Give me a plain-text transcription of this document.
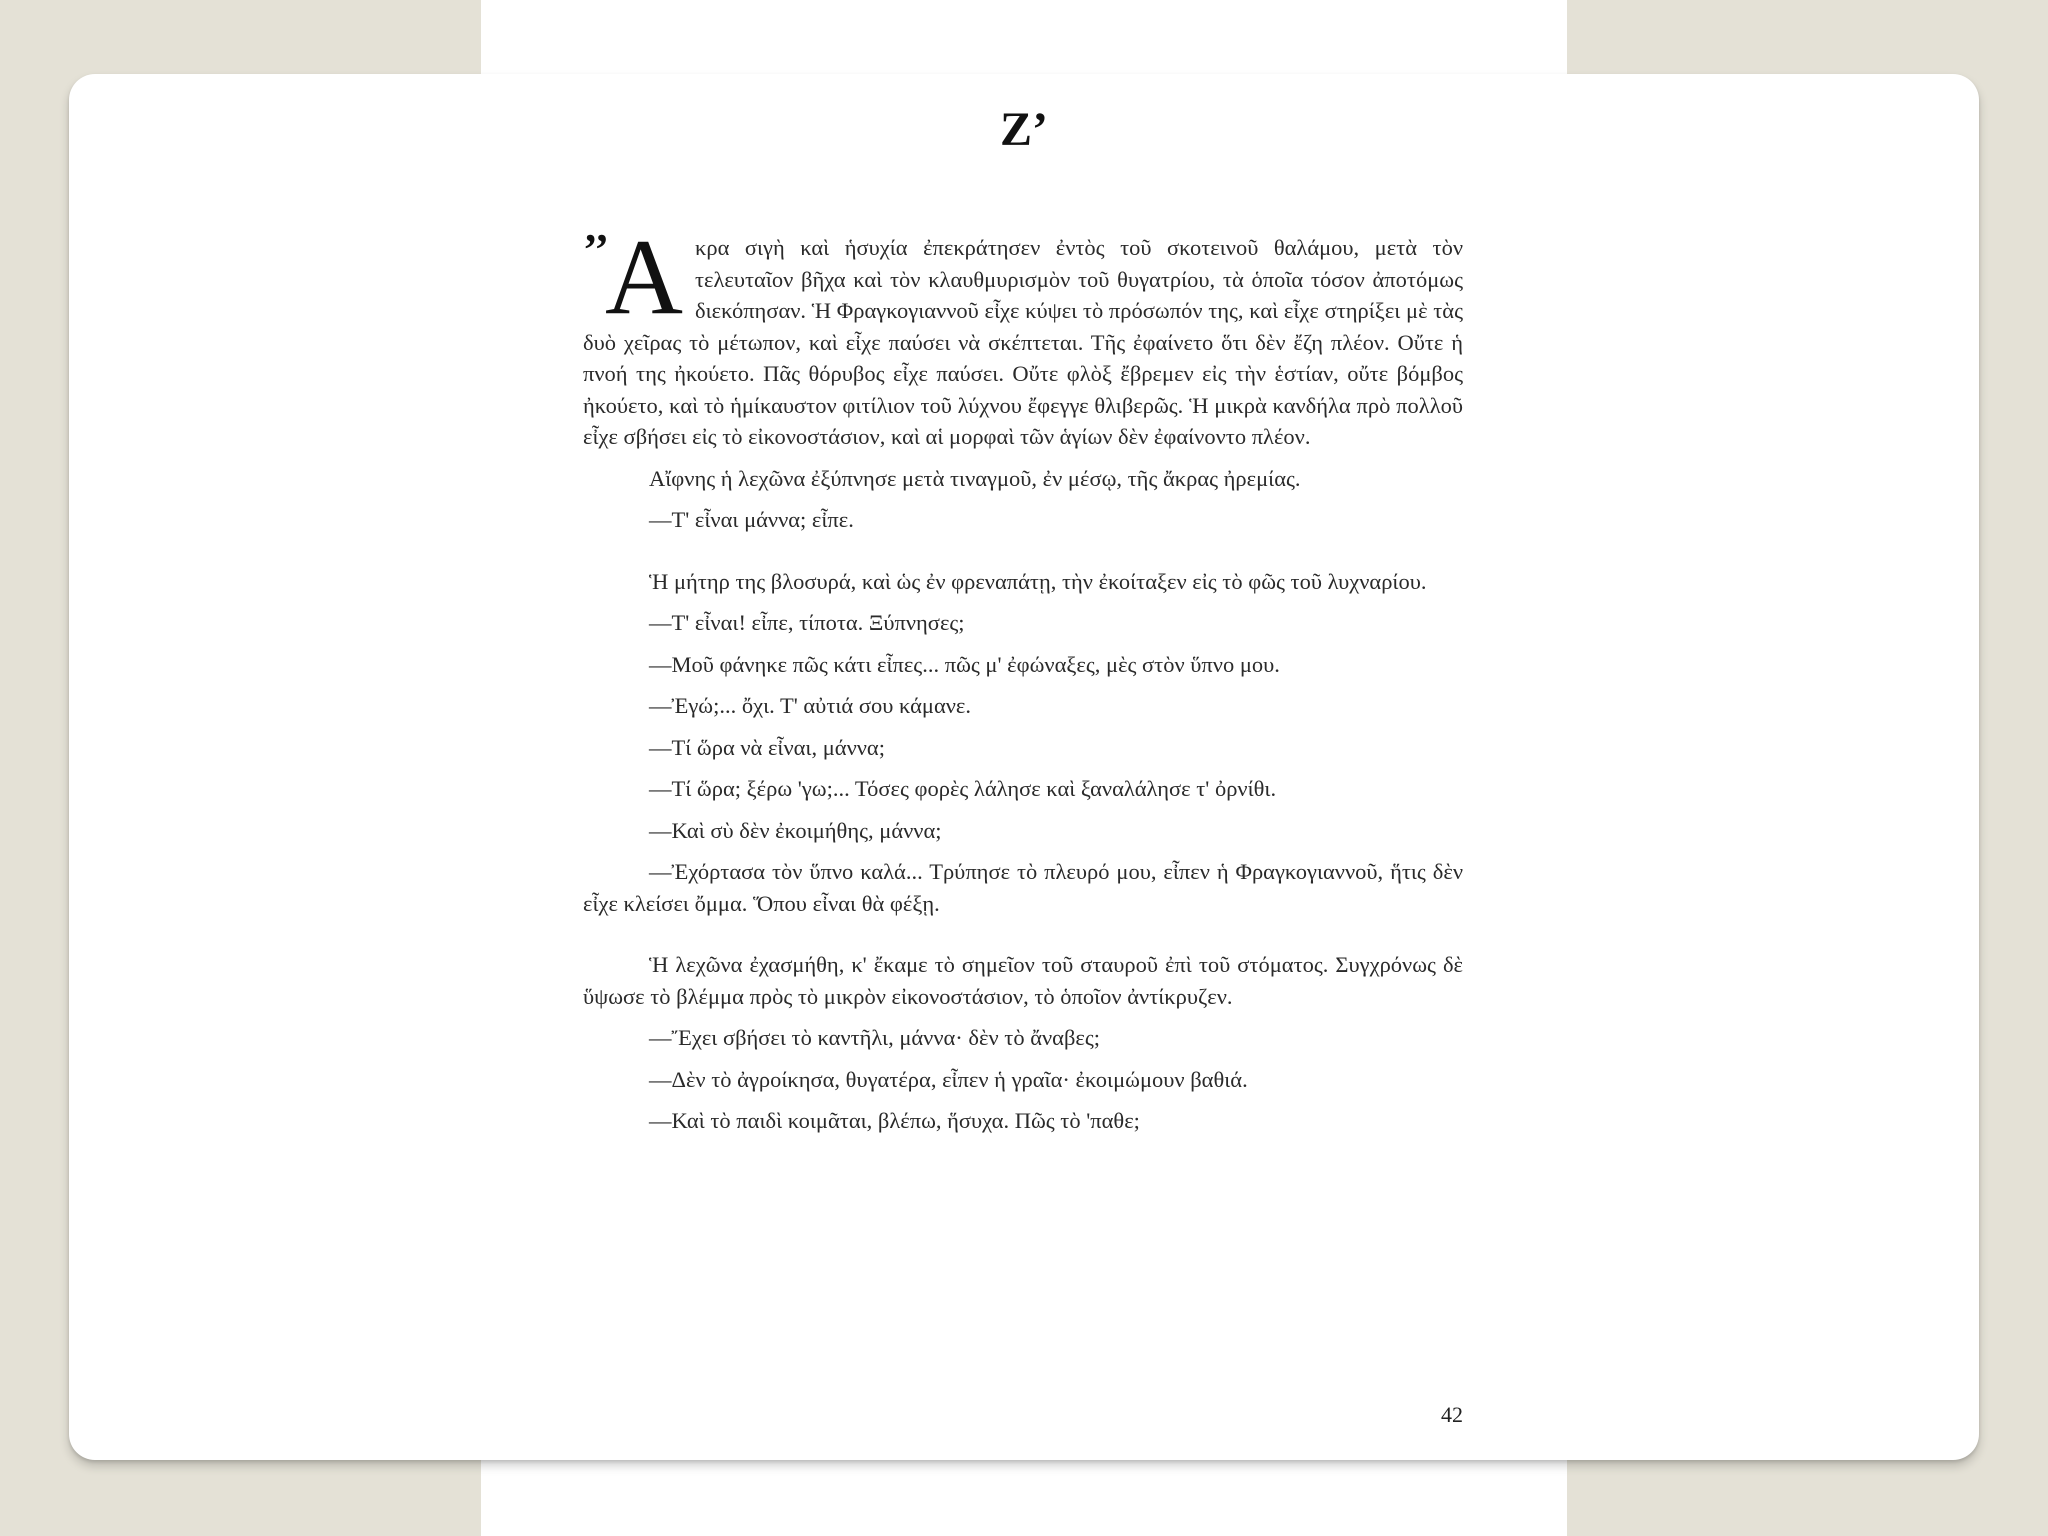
Ζ’

’’
Α κρα σιγὴ καὶ ἡσυχία ἐπεκράτησεν ἐντὸς τοῦ σκοτεινοῦ θαλάμου, μετὰ τὸν τελευταῖον βῆχα καὶ τὸν κλαυθμυρισμὸν τοῦ θυγατρίου, τὰ ὁποῖα τόσον ἀποτόμως διεκόπησαν. Ἡ Φραγκογιαννοῦ εἶχε κύψει τὸ πρόσωπόν της, καὶ εἶχε στηρίξει μὲ τὰς δυὸ χεῖρας τὸ μέτωπον, καὶ εἶχε παύσει νὰ σκέπτεται. Τῆς ἐφαίνετο ὅτι δὲν ἔζη πλέον. Οὔτε ἡ πνοή της ἠκούετο. Πᾶς θόρυβος εἶχε παύσει. Οὔτε φλὸξ ἔβρεμεν εἰς τὴν ἑστίαν, οὔτε βόμβος ἠκούετο, καὶ τὸ ἡμίκαυστον φιτίλιον τοῦ λύχνου ἔφεγγε θλιβερῶς. Ἡ μικρὰ κανδήλα πρὸ πολλοῦ εἶχε σβήσει εἰς τὸ εἰκονοστάσιον, καὶ αἱ μορφαὶ τῶν ἁγίων δὲν ἐφαίνοντο πλέον.

Αἴφνης ἡ λεχῶνα ἐξύπνησε μετὰ τιναγμοῦ, ἐν μέσῳ, τῆς ἄκρας ἠρεμίας.

—Τ' εἶναι μάννα; εἶπε.

Ἡ μήτηρ της βλοσυρά, καὶ ὡς ἐν φρεναπάτῃ, τὴν ἐκοίταξεν εἰς τὸ φῶς τοῦ λυχναρίου.

—Τ' εἶναι! εἶπε, τίποτα. Ξύπνησες;

—Μοῦ φάνηκε πῶς κάτι εἶπες... πῶς μ' ἐφώναξες, μὲς στὸν ὕπνο μου.

—Ἐγώ;... ὄχι. Τ' αὐτιά σου κάμανε.

—Τί ὥρα νὰ εἶναι, μάννα;

—Τί ὥρα; ξέρω 'γω;... Τόσες φορὲς λάλησε καὶ ξαναλάλησε τ' ὀρνίθι.

—Καὶ σὺ δὲν ἐκοιμήθης, μάννα;

—Ἐχόρτασα τὸν ὕπνο καλά... Τρύπησε τὸ πλευρό μου, εἶπεν ἡ Φραγκογιαννοῦ, ἥτις δὲν εἶχε κλείσει ὄμμα. Ὅπου εἶναι θὰ φέξῃ.

Ἡ λεχῶνα ἐχασμήθη, κ' ἔκαμε τὸ σημεῖον τοῦ σταυροῦ ἐπὶ τοῦ στόματος. Συγχρόνως δὲ ὕψωσε τὸ βλέμμα πρὸς τὸ μικρὸν εἰκονοστάσιον, τὸ ὁποῖον ἀντίκρυζεν.

—Ἔχει σβήσει τὸ καντῆλι, μάννα· δὲν τὸ ἄναβες;

—Δὲν τὸ ἀγροίκησα, θυγατέρα, εἶπεν ἡ γραῖα· ἐκοιμώμουν βαθιά.

—Καὶ τὸ παιδὶ κοιμᾶται, βλέπω, ἥσυχα. Πῶς τὸ 'παθε;

42
